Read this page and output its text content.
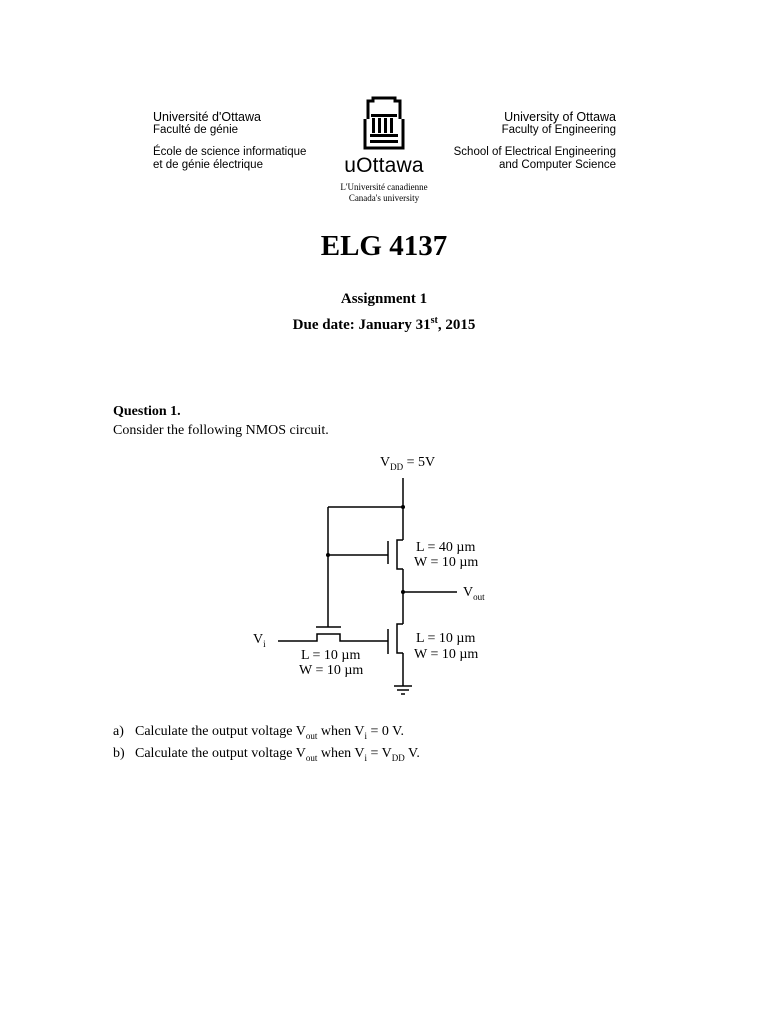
Université d'Ottawa
Faculté de génie
École de science informatique
et de génie électrique	uOttawa
L'Université canadienne
Canada's university
University of Ottawa
Faculty of Engineering
School of Electrical Engineering
and Computer Science
ELG 4137
Assignment 1
Due date: January 31st, 2015
Question 1.
Consider the following NMOS circuit.
$V_{DD} = 5V$
L = 40 µm
W = 10 µm
$V_{out}$
$V_i$	L = 10 µm
W = 10 µm
L = 10 µm
W = 10 µm
a) Calculate the output voltage $V_{out}$ when $V_i = 0$ V.
b) Calculate the output voltage $V_{out}$ when $V_i = V_{DD}$ V.
